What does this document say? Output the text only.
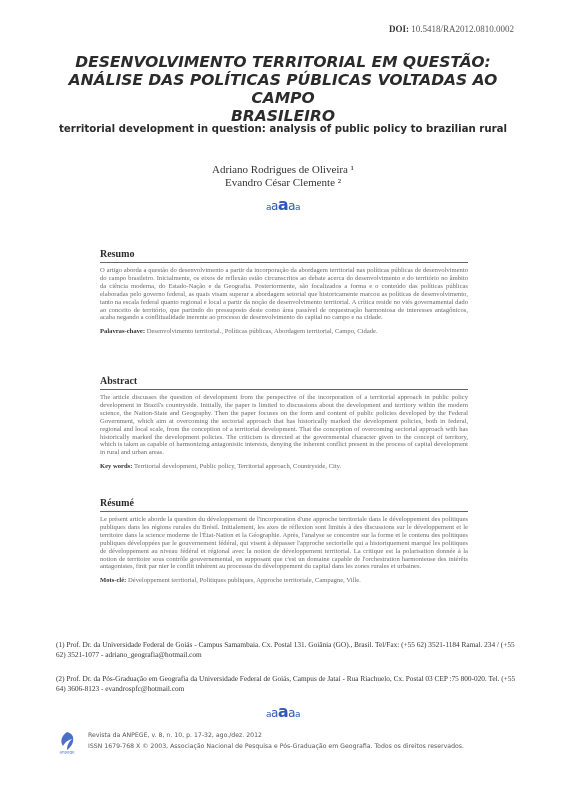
DOI: 10.5418/RA2012.0810.0002
DESENVOLVIMENTO TERRITORIAL EM QUESTÃO:
ANÁLISE DAS POLÍTICAS PÚBLICAS VOLTADAS AO CAMPO
BRASILEIRO
territorial development in question: analysis of public policy to brazilian rural
Adriano Rodrigues de Oliveira ¹
Evandro César Clemente ²
aaaaa
Resumo
O artigo aborda a questão do desenvolvimento a partir da incorporação da abordagem territorial nas políticas públicas de desenvolvimento do campo brasileiro. Inicialmente, os eixos de reflexão estão circunscritos ao debate acerca do desenvolvimento e do território no âmbito da ciência moderna, do Estado-Nação e da Geografia. Posteriormente, são focalizados a forma e o conteúdo das políticas públicas elaboradas pelo governo federal, as quais visam superar a abordagem setorial que historicamente marcou as políticas de desenvolvimento, tanto na escala federal quanto regional e local a partir da noção de desenvolvimento territorial. A crítica reside no viés governamental dado ao conceito de território, que partindo do pressuposto deste como área passível de orquestração harmoniosa de interesses antagônicos, acaba negando a conflitualidade inerente ao processo de desenvolvimento do capital no campo e na cidade.
Palavras-chave: Desenvolvimento territorial., Políticas públicas, Abordagem territorial, Campo, Cidade.
Abstract
The article discusses the question of development from the perspective of the incorporation of a territorial approach in public policy development in Brazil's countryside. Initially, the paper is limited to discussions about the development and territory within the modern science, the Nation-State and Geography. Then the paper focuses on the form and content of public policies developed by the Federal Government, which aim at overcoming the sectorial approach that has historically marked the development policies, both in federal, regional and local scale, from the conception of a territorial development. That the conception of overcoming sectorial approach with has historically marked the development policies. The criticism is directed at the governmental character given to the concept of territory, which is taken as capable of harmonizing antagonistic interests, denying the inherent conflict present in the process of capital development in rural and urban areas.
Key words: Territorial development, Public policy, Territorial approach, Countryside, City.
Résumé
Le présent article aborde la question du développement de l'incorporation d'une approche territoriale dans le développement des politiques publiques dans les régions rurales du Brésil. Initialement, les axes de réflexion sont limités à des discussions sur le développement et le territoire dans la science moderne de l'État-Nation et la Géographie. Après, l'analyse se concentre sur la forme et le contenu des politiques publiques développées par le gouvernement fédéral, qui visent à dépasser l'approche sectorielle qui a historiquement marqué les politiques de développement au niveau fédéral et régional avec la notion de développement territorial. La critique est la polarisation donnée à la notion de territoire sous contrôle gouvernemental, en supposant que c'est un domaine capable de l'orchestration harmonieuse des intérêts antagonistes, finit par nier le conflit inhérent au processus du développement du capital dans les zones rurales et urbaines.
Mots-clé: Développement territorial, Politiques publiques, Approche territoriale, Campagne, Ville.
(1) Prof. Dr. da Universidade Federal de Goiás - Campus Samambaia. Cx. Postal 131. Goiânia (GO)., Brasil. Tel/Fax: (+55 62) 3521-1184 Ramal. 234 / (+55 62) 3521-1077 - adriano_geografia@hotmail.com
(2) Prof. Dr. da Pós-Graduação em Geografia da Universidade Federal de Goiás, Campus de Jataí - Rua Riachuelo, Cx. Postal 03 CEP :75 800-020. Tel. (+55 64) 3606-8123 - evandrospfc@hotmail.com
aaaaa
anpege
Revista da ANPEGE, v. 8, n. 10, p. 17-32, ago./dez. 2012
ISSN 1679-768 X © 2003, Associação Nacional de Pesquisa e Pós-Graduação em Geografia. Todos os direitos reservados.
